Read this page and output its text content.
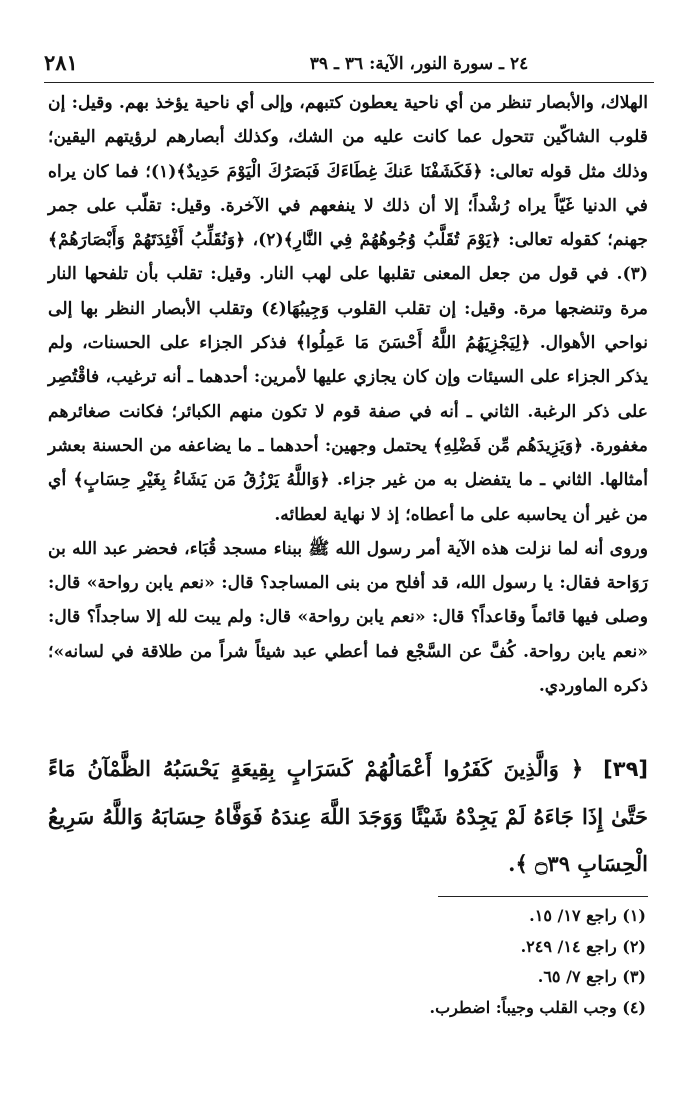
٢٤ ـ سورة النور، الآية: ٣٦ ـ ٣٩
٢٨١

الهلاك، والأبصار تنظر من أي ناحية يعطون كتبهم، وإلى أي ناحية يؤخذ بهم. وقيل: إن قلوب الشاكّين تتحول عما كانت عليه من الشك، وكذلك أبصارهم لرؤيتهم اليقين؛ وذلك مثل قوله تعالى: ﴿فَكَشَفْنَا عَنكَ غِطَاءَكَ فَبَصَرُكَ الْيَوْمَ حَدِيدٌ﴾(١)؛ فما كان يراه في الدنيا غَيّاً يراه رُشْداً؛ إلا أن ذلك لا ينفعهم في الآخرة. وقيل: تقلّب على جمر جهنم؛ كقوله تعالى: ﴿يَوْمَ تُقَلَّبُ وُجُوهُهُمْ فِي النَّارِ﴾(٢)، ﴿وَنُقَلِّبُ أَفْئِدَتَهُمْ وَأَبْصَارَهُمْ﴾(٣). في قول من جعل المعنى تقلبها على لهب النار. وقيل: تقلب بأن تلفحها النار مرة وتنضجها مرة. وقيل: إن تقلب القلوب وَجِيبُهَا(٤) وتقلب الأبصار النظر بها إلى نواحي الأهوال. ﴿لِيَجْزِيَهُمُ اللَّهُ أَحْسَنَ مَا عَمِلُوا﴾ فذكر الجزاء على الحسنات، ولم يذكر الجزاء على السيئات وإن كان يجازي عليها لأمرين: أحدهما ـ أنه ترغيب، فاقْتُصِر على ذكر الرغبة. الثاني ـ أنه في صفة قوم لا تكون منهم الكبائر؛ فكانت صغائرهم مغفورة. ﴿وَيَزِيدَهُم مِّن فَضْلِهِ﴾ يحتمل وجهين: أحدهما ـ ما يضاعفه من الحسنة بعشر أمثالها. الثاني ـ ما يتفضل به من غير جزاء. ﴿وَاللَّهُ يَرْزُقُ مَن يَشَاءُ بِغَيْرِ حِسَابٍ﴾ أي من غير أن يحاسبه على ما أعطاه؛ إذ لا نهاية لعطائه.

وروى أنه لما نزلت هذه الآية أمر رسول الله ﷺ ببناء مسجد قُبَاء، فحضر عبد الله بن رَوَاحة فقال: يا رسول الله، قد أفلح من بنى المساجد؟ قال: «نعم يابن رواحة» قال: وصلى فيها قائماً وقاعداً؟ قال: «نعم يابن رواحة» قال: ولم يبت لله إلا ساجداً؟ قال: «نعم يابن رواحة. كُفَّ عن السَّجْع فما أعطي عبد شيئاً شراً من طلاقة في لسانه»؛ ذكره الماوردي.

[٣٩] ﴿ وَالَّذِينَ كَفَرُوا أَعْمَالُهُمْ كَسَرَابٍ بِقِيعَةٍ يَحْسَبُهُ الظَّمْآنُ مَاءً حَتَّىٰ إِذَا جَاءَهُ لَمْ يَجِدْهُ شَيْئًا وَوَجَدَ اللَّهَ عِندَهُ فَوَفَّاهُ حِسَابَهُ وَاللَّهُ سَرِيعُ الْحِسَابِ ۝٣٩ ﴾.
(١) راجع ١٧/ ١٥.
(٢) راجع ١٤/ ٢٤٩.
(٣) راجع ٧/ ٦٥.
(٤) وجب القلب وجيباً: اضطرب.
